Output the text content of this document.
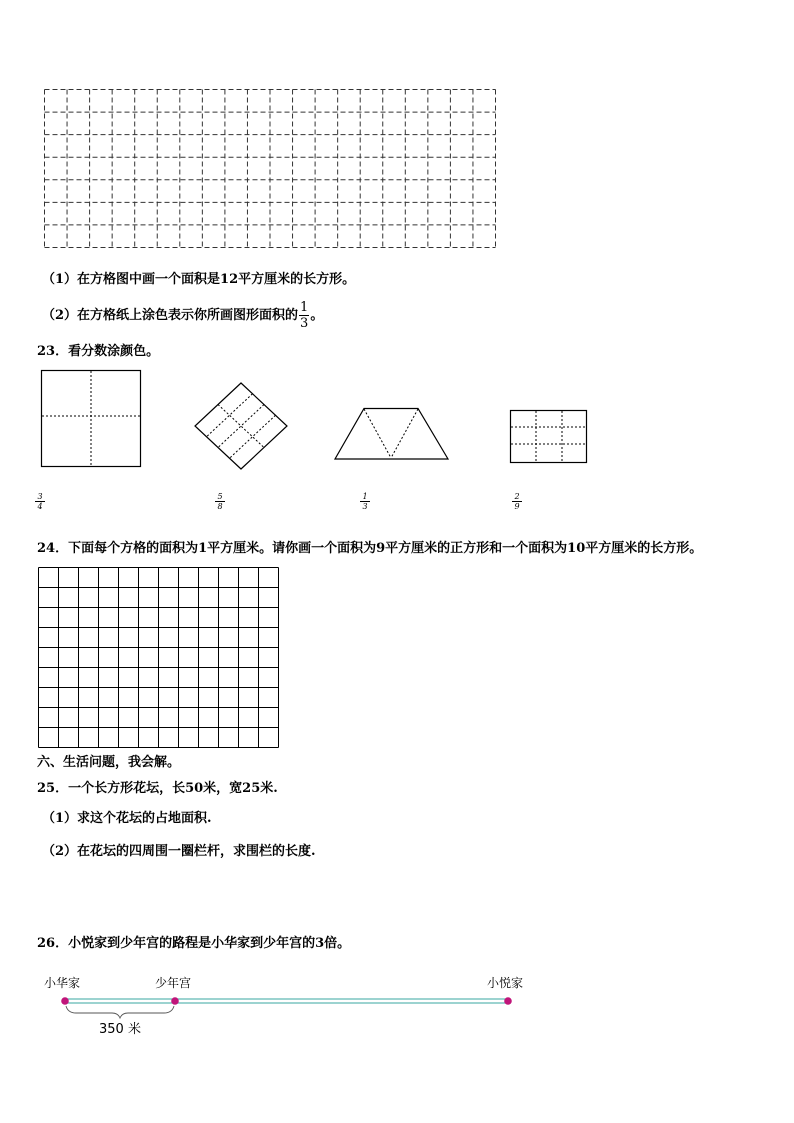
（1）在方格图中画一个面积是12平方厘米的长方形。
（2）在方格纸上涂色表示你所画图形面积的 $\frac{1}{3}$ 。
23．看分数涂颜色。
$\frac{3}{4}$	$\frac{5}{8}$	$\frac{1}{3}$	$\frac{2}{9}$
24．下面每个方格的面积为1平方厘米。请你画一个面积为9平方厘米的正方形和一个面积为10平方厘米的长方形。
六、生活问题，我会解。
25．一个长方形花坛，长50米，宽25米.
（1）求这个花坛的占地面积.
（2）在花坛的四周围一圈栏杆，求围栏的长度.
26．小悦家到少年宫的路程是小华家到少年宫的3倍。
小华家	少年宫	小悦家
350 米
